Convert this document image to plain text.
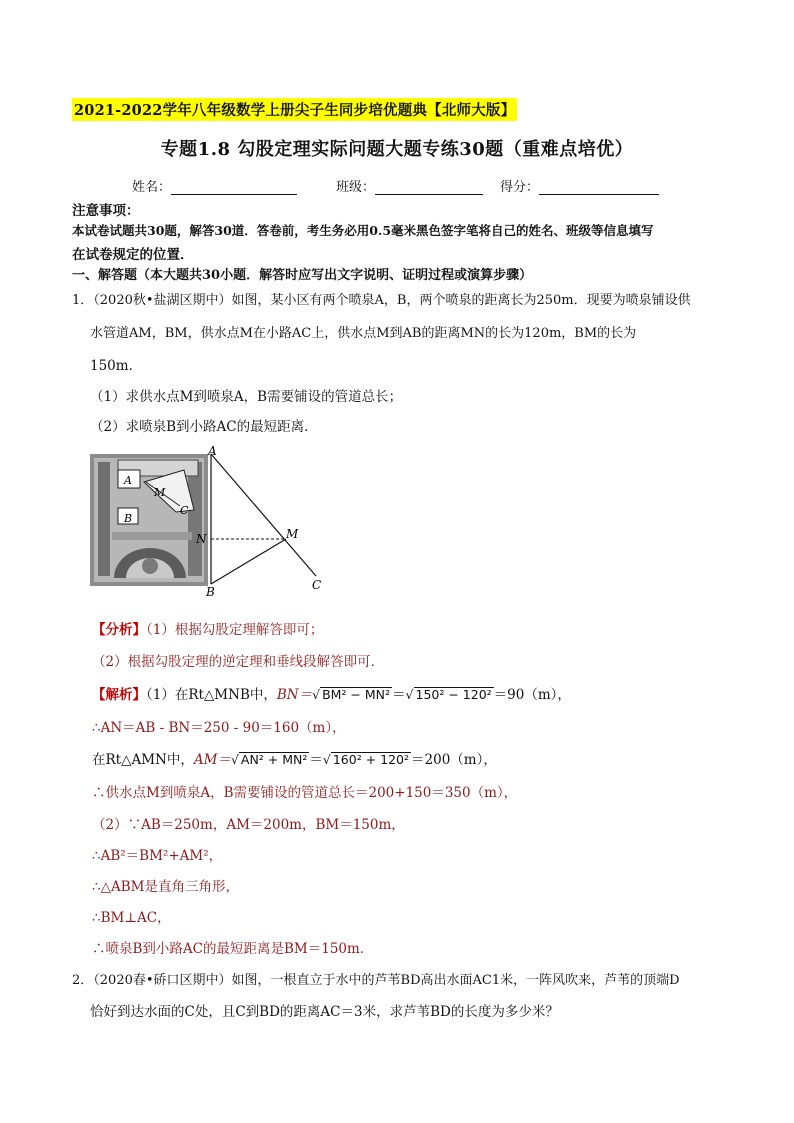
2021-2022学年八年级数学上册尖子生同步培优题典【北师大版】
专题1.8 勾股定理实际问题大题专练30题（重难点培优）
姓名：	班级：	得分：
注意事项：
本试卷试题共30题，解答30道．答卷前，考生务必用0.5毫米黑色签字笔将自己的姓名、班级等信息填写
在试卷规定的位置．
一、解答题（本大题共30小题．解答时应写出文字说明、证明过程或演算步骤）
1．（2020秋•盐湖区期中）如图，某小区有两个喷泉A，B，两个喷泉的距离长为250m．现要为喷泉铺设供
水管道AM，BM，供水点M在小路AC上，供水点M到AB的距离MN的长为120m，BM的长为
150m．
（1）求供水点M到喷泉A，B需要铺设的管道总长；
（2）求喷泉B到小路AC的最短距离．
A
B
M
C
A
B
N	M
C
【分析】（1）根据勾股定理解答即可；
（2）根据勾股定理的逆定理和垂线段解答即可．
【解析】（1）在Rt△MNB中，BN＝√ BM² − MN² ＝√ 150² − 120² ＝90（m），
∴AN＝AB - BN＝250 - 90＝160（m），
在Rt△AMN中，AM＝√ AN² + MN² ＝√ 160² + 120² ＝200（m），
∴供水点M到喷泉A，B需要铺设的管道总长＝200+150＝350（m），
（2）∵AB＝250m，AM＝200m，BM＝150m，
∴AB²＝BM²+AM²，
∴△ABM是直角三角形，
∴BM⊥AC，
∴喷泉B到小路AC的最短距离是BM＝150m．
2．（2020春•硚口区期中）如图，一根直立于水中的芦苇BD高出水面AC1米，一阵风吹来，芦苇的顶端D
恰好到达水面的C处，且C到BD的距离AC＝3米，求芦苇BD的长度为多少米？
